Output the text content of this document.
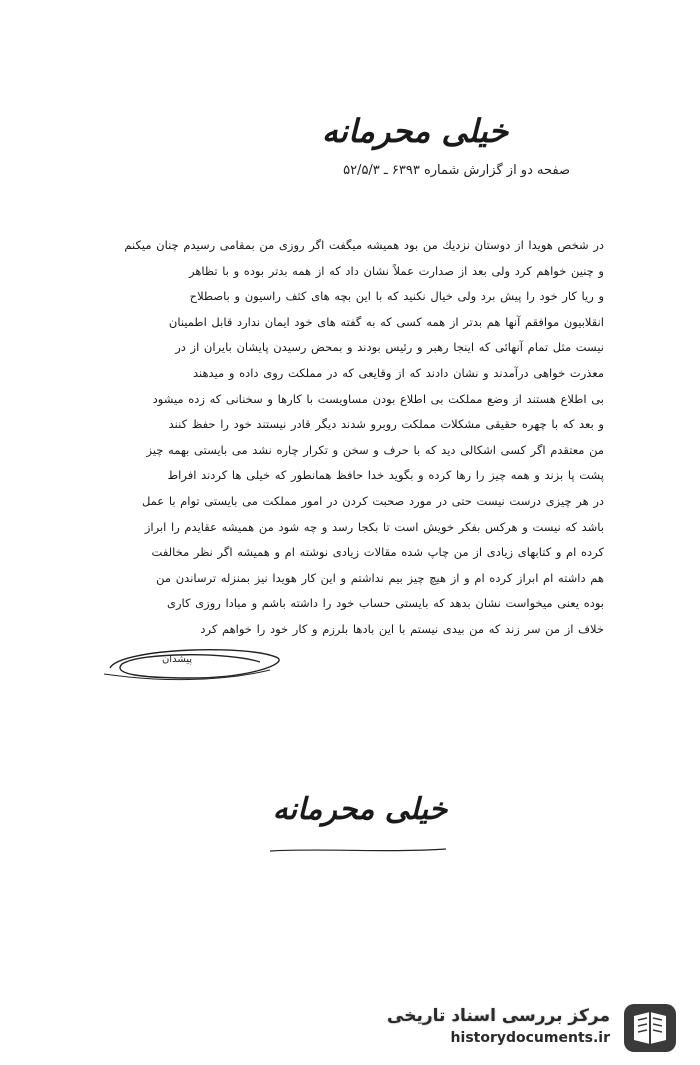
خیلی محرمانه
صفحه دو از گزارش شماره ۶۳۹۳ ـ ۵۲/۵/۳
در شخص هویدا از دوستان نزدیك من بود همیشه میگفت اگر روزی من بمقامی رسیدم چنان میکنم
و چنین خواهم کرد ولی بعد از صدارت عملاً نشان داد که از همه بدتر بوده و با تظاهر
و ریا کار خود را پیش برد ولی خیال نکنید که با این بچه های کثف راسیون و باصطلاح
انقلابیون موافقم آنها هم بدتر از همه کسی که به گفته های خود ایمان ندارد قابل اطمینان
نیست مثل تمام آنهائی که اینجا رهبر و رئیس بودند و بمحض رسیدن پایشان بایران از در
معذرت خواهی درآمدند و نشان دادند که از وقایعی که در مملکت روی داده و میدهند
بی اطلاع هستند از وضع مملکت بی اطلاع بودن مساویست با کارها و سخنانی که زده میشود
و بعد که با چهره حقیقی مشکلات مملکت روبرو شدند دیگر قادر نیستند خود را حفظ کنند
من معتقدم اگر کسی اشکالی دید که با حرف و سخن و تکرار چاره نشد می بایستی بهمه چیز
پشت پا بزند و همه چیز را رها کرده و بگوید خدا حافظ همانطور که خیلی ها کردند افراط
در هر چیزی درست نیست حتی در مورد صحبت کردن در امور مملکت می بایستی توام با عمل
باشد که نیست و هرکس بفکر خویش است تا بکجا رسد و چه شود من همیشه عقایدم را ابراز
کرده ام و کتابهای زیادی از من چاپ شده مقالات زیادی نوشته ام و همیشه اگر نظر مخالفت
هم داشته ام ابراز کرده ام و از هیچ چیز بیم نداشتم و این کار هویدا نیز بمنزله ترساندن من
بوده یعنی میخواست نشان بدهد که بایستی حساب خود را داشته باشم و مبادا روزی کاری
خلاف از من سر زند که من بیدی نیستم با این بادها بلرزم و کار خود را خواهم کرد
پیشدان
خیلی محرمانه
مرکز بررسی اسناد تاریخی
historydocuments.ir
